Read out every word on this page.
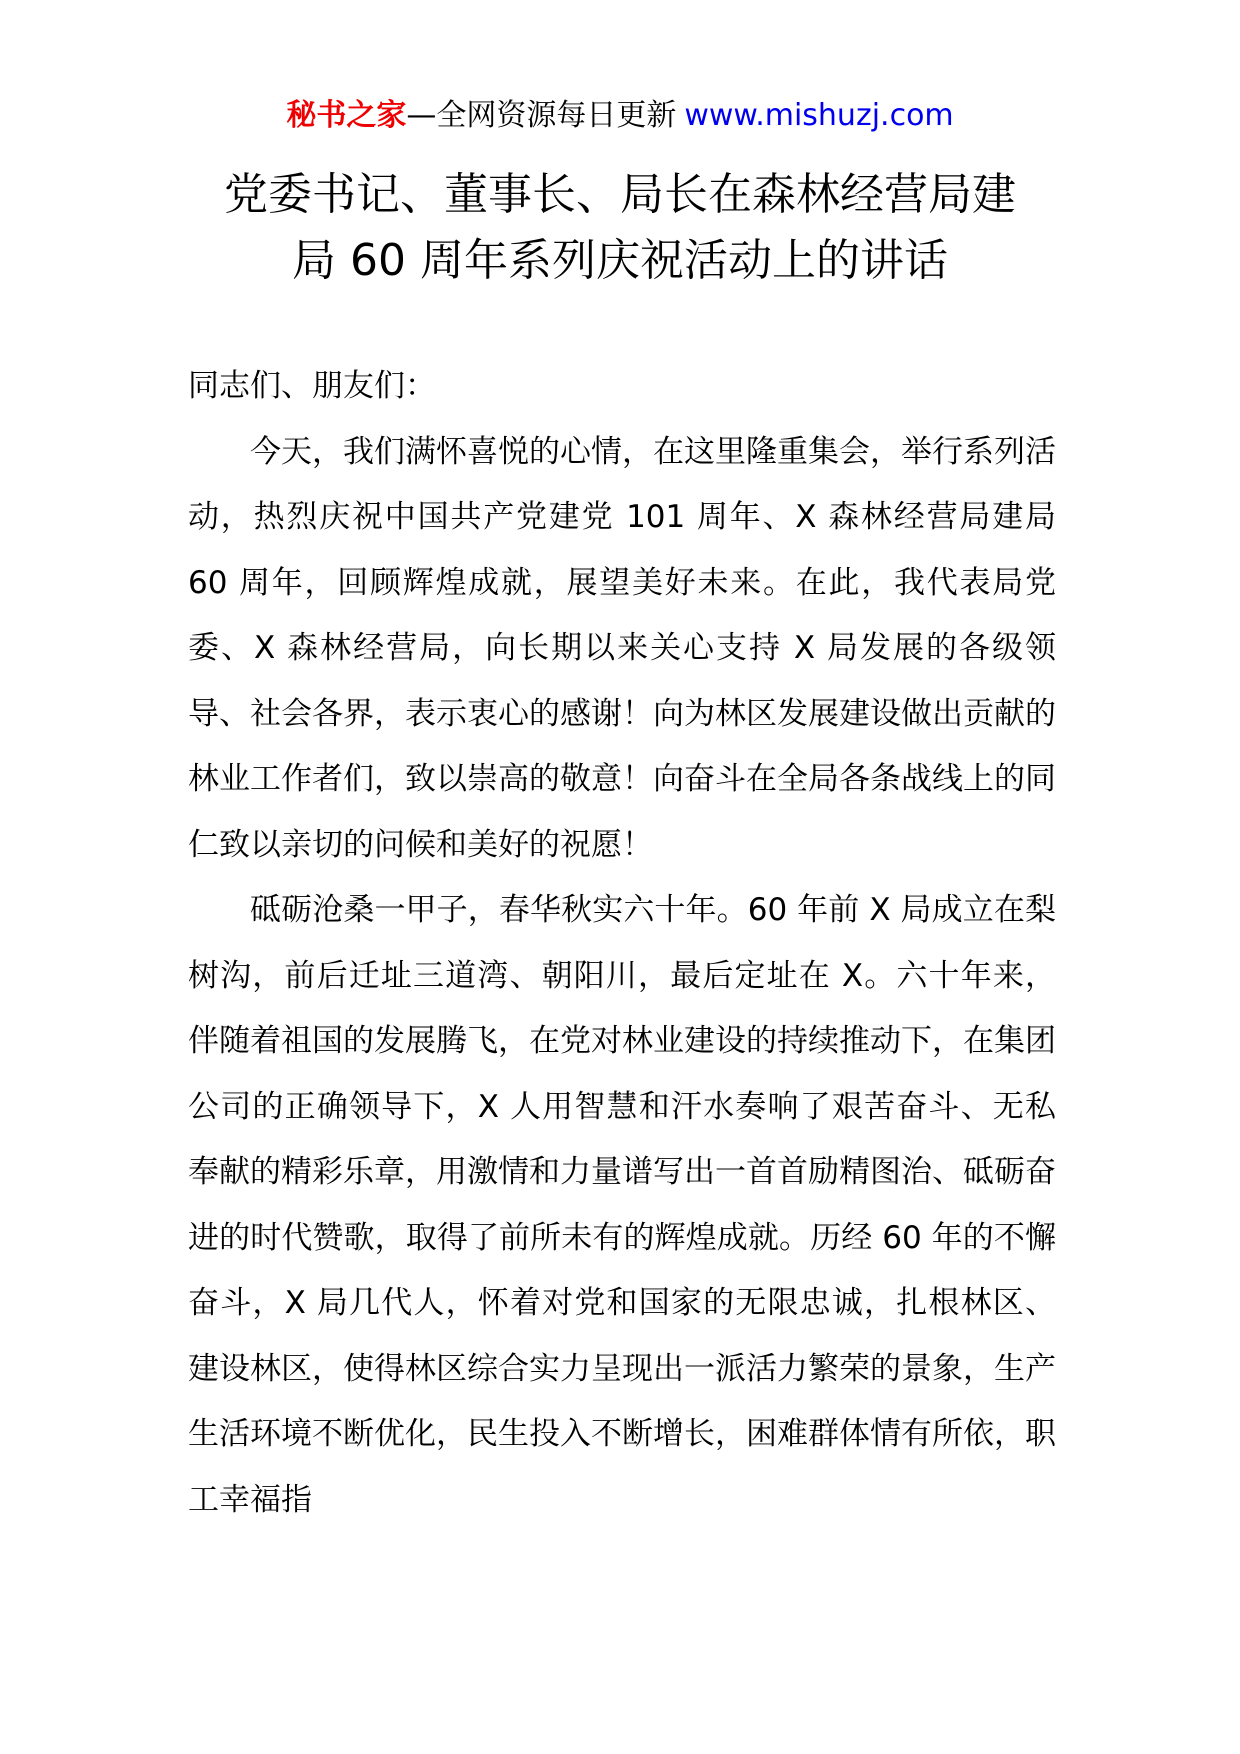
秘书之家—全网资源每日更新 www.mishuzj.com
党委书记、董事长、局长在森林经营局建
局 60 周年系列庆祝活动上的讲话

同志们、朋友们：

今天，我们满怀喜悦的心情，在这里隆重集会，举行系列活动，热烈庆祝中国共产党建党 101 周年、X 森林经营局建局 60 周年，回顾辉煌成就，展望美好未来。在此，我代表局党委、X 森林经营局，向长期以来关心支持 X 局发展的各级领导、社会各界，表示衷心的感谢！向为林区发展建设做出贡献的林业工作者们，致以崇高的敬意！向奋斗在全局各条战线上的同仁致以亲切的问候和美好的祝愿！

砥砺沧桑一甲子，春华秋实六十年。60 年前 X 局成立在梨树沟，前后迁址三道湾、朝阳川，最后定址在 X。六十年来，伴随着祖国的发展腾飞，在党对林业建设的持续推动下，在集团公司的正确领导下，X 人用智慧和汗水奏响了艰苦奋斗、无私奉献的精彩乐章，用激情和力量谱写出一首首励精图治、砥砺奋进的时代赞歌，取得了前所未有的辉煌成就。历经 60 年的不懈奋斗，X 局几代人，怀着对党和国家的无限忠诚，扎根林区、建设林区，使得林区综合实力呈现出一派活力繁荣的景象，生产生活环境不断优化，民生投入不断增长，困难群体情有所依，职工幸福指
